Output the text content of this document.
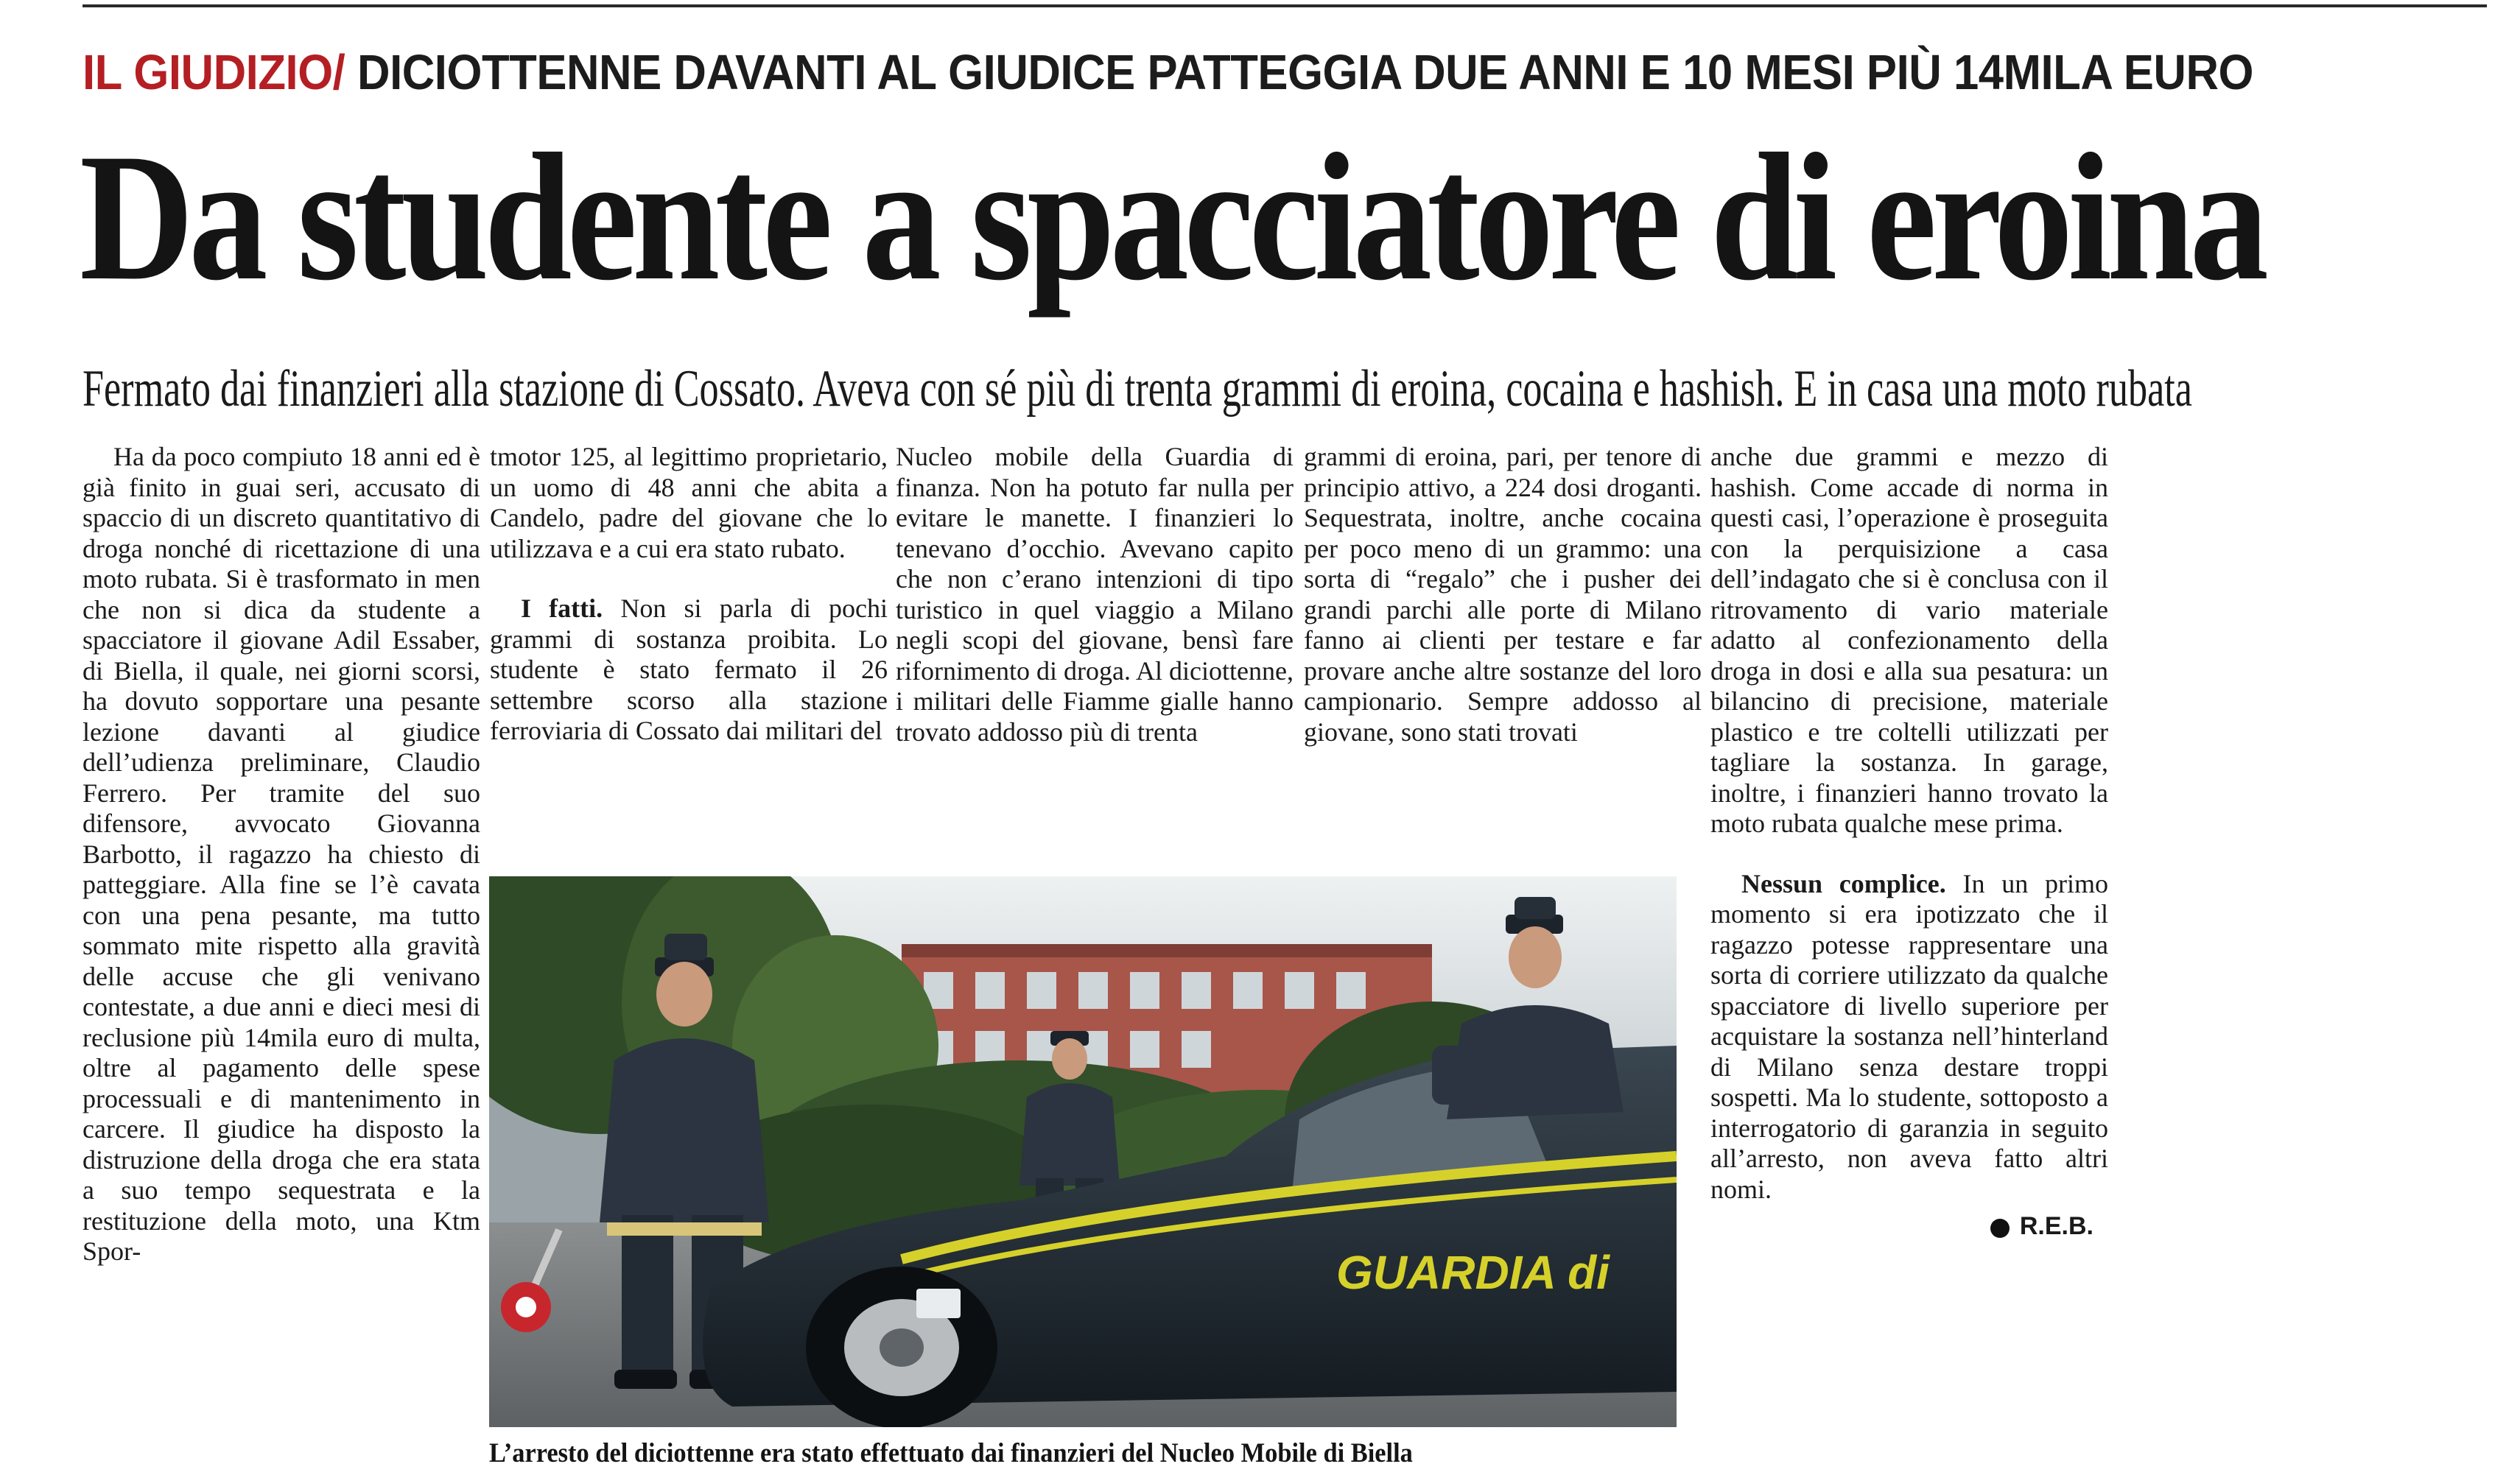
IL GIUDIZIO/ DICIOTTENNE DAVANTI AL GIUDICE PATTEGGIA DUE ANNI E 10 MESI PIÙ 14MILA EURO
Da studente a spacciatore di eroina
Fermato dai finanzieri alla stazione di Cossato. Aveva con sé più di trenta grammi di eroina, cocaina e hashish. E in casa una moto rubata

Ha da poco compiuto 18 anni ed è già finito in guai seri, accusato di spaccio di un discreto quantitativo di droga nonché di ricettazione di una moto rubata. Si è trasformato in men che non si dica da studente a spacciatore il giovane Adil Essaber, di Biella, il quale, nei giorni scorsi, ha dovuto sopportare una pesante lezione davanti al giudice dell’udienza preliminare, Claudio Ferrero. Per tramite del suo difensore, avvocato Giovanna Barbotto, il ragazzo ha chiesto di patteggiare. Alla fine se l’è cavata con una pena pesante, ma tutto sommato mite rispetto alla gravità delle accuse che gli venivano contestate, a due anni e dieci mesi di reclusione più 14mila euro di multa, oltre al pagamento delle spese processuali e di mantenimento in carcere. Il giudice ha disposto la distruzione della droga che era stata a suo tempo sequestrata e la restituzione della moto, una Ktm Spor-

tmotor 125, al legittimo proprietario, un uomo di 48 anni che abita a Candelo, padre del giovane che lo utilizzava e a cui era stato rubato.

I fatti. Non si parla di pochi grammi di sostanza proibita. Lo studente è stato fermato il 26 settembre scorso alla stazione ferroviaria di Cossato dai militari del

Nucleo mobile della Guardia di finanza. Non ha potuto far nulla per evitare le manette. I finanzieri lo tenevano d’occhio. Avevano capito che non c’erano intenzioni di tipo turistico in quel viaggio a Milano negli scopi del giovane, bensì fare rifornimento di droga. Al diciottenne, i militari delle Fiamme gialle hanno trovato addosso più di trenta

grammi di eroina, pari, per tenore di principio attivo, a 224 dosi droganti. Sequestrata, inoltre, anche cocaina per poco meno di un grammo: una sorta di “regalo” che i pusher dei grandi parchi alle porte di Milano fanno ai clienti per testare e far provare anche altre sostanze del loro campionario. Sempre addosso al giovane, sono stati trovati

anche due grammi e mezzo di hashish. Come accade di norma in questi casi, l’operazione è proseguita con la perquisizione a casa dell’indagato che si è conclusa con il ritrovamento di vario materiale adatto al confezionamento della droga in dosi e alla sua pesatura: un bilancino di precisione, materiale plastico e tre coltelli utilizzati per tagliare la sostanza. In garage, inoltre, i finanzieri hanno trovato la moto rubata qualche mese prima.

Nessun complice. In un primo momento si era ipotizzato che il ragazzo potesse rappresentare una sorta di corriere utilizzato da qualche spacciatore di livello superiore per acquistare la sostanza nell’hinterland di Milano senza destare troppi sospetti. Ma lo studente, sottoposto a interrogatorio di garanzia in seguito all’arresto, non aveva fatto altri nomi.

R.E.B.
GUARDIA di
L’arresto del diciottenne era stato effettuato dai finanzieri del Nucleo Mobile di Biella
